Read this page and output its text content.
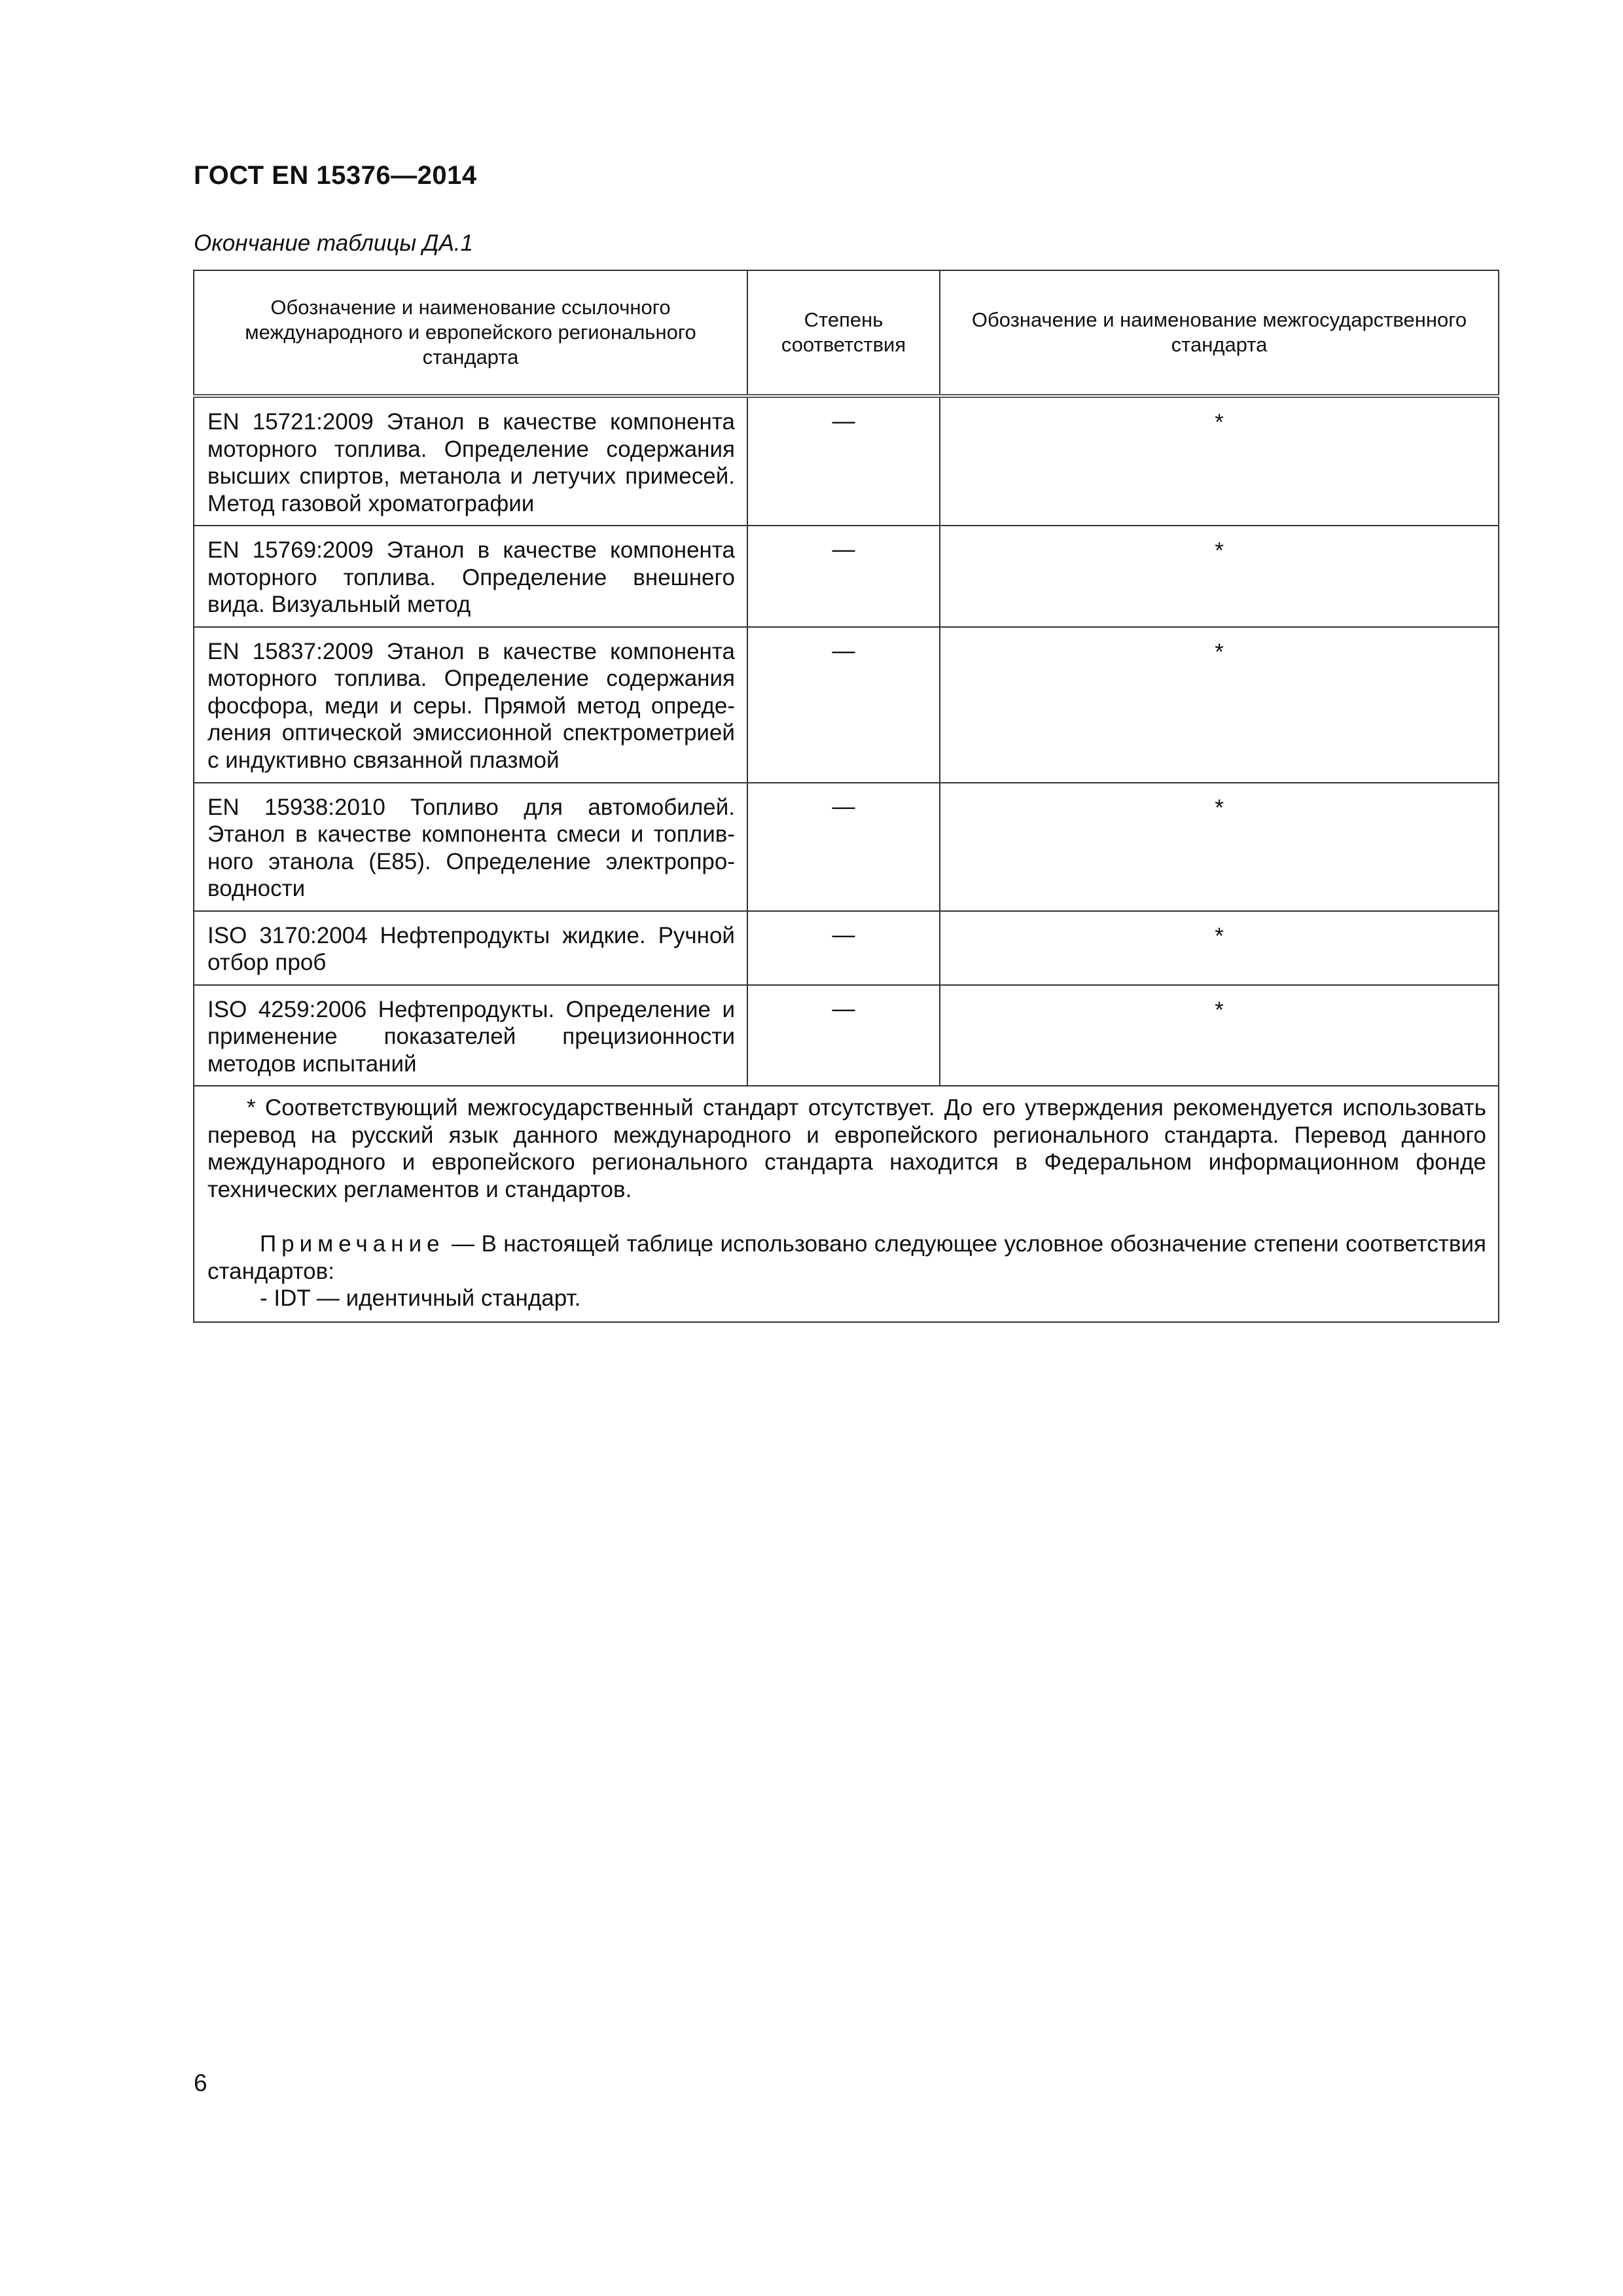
ГОСТ EN 15376—2014
Окончание таблицы ДА.1
Обозначение и наименование ссылочного международного и европейского регионального стандарта	Степень соответствия	Обозначение и наименование межгосударственного стандарта
EN 15721:2009 Этанол в качестве компонента моторного топлива. Определение содержания высших спиртов, метанола и летучих примесей. Метод газовой хроматографии	—	*
EN 15769:2009 Этанол в качестве компонента моторного топлива. Определение внешнего вида. Визуальный метод	—	*
EN 15837:2009 Этанол в качестве компонента моторного топлива. Определение содержания фосфора, меди и серы. Прямой метод определения оптической эмиссионной спектрометрией с индуктивно связанной плазмой	—	*
EN 15938:2010 Топливо для автомобилей. Этанол в качестве компонента смеси и топливного этанола (E85). Определение электропроводности	—	*
ISO 3170:2004 Нефтепродукты жидкие. Ручной отбор проб	—	*
ISO 4259:2006 Нефтепродукты. Определение и применение показателей прецизионности методов испытаний	—	*

* Соответствующий межгосударственный стандарт отсутствует. До его утверждения рекомендуется использовать перевод на русский язык данного международного и европейского регионального стандарта. Перевод данного международного и европейского регионального стандарта находится в Федеральном информационном фонде технических регламентов и стандартов.

Примечание — В настоящей таблице использовано следующее условное обозначение степени соответствия стандартов:

- IDT — идентичный стандарт.		

6
